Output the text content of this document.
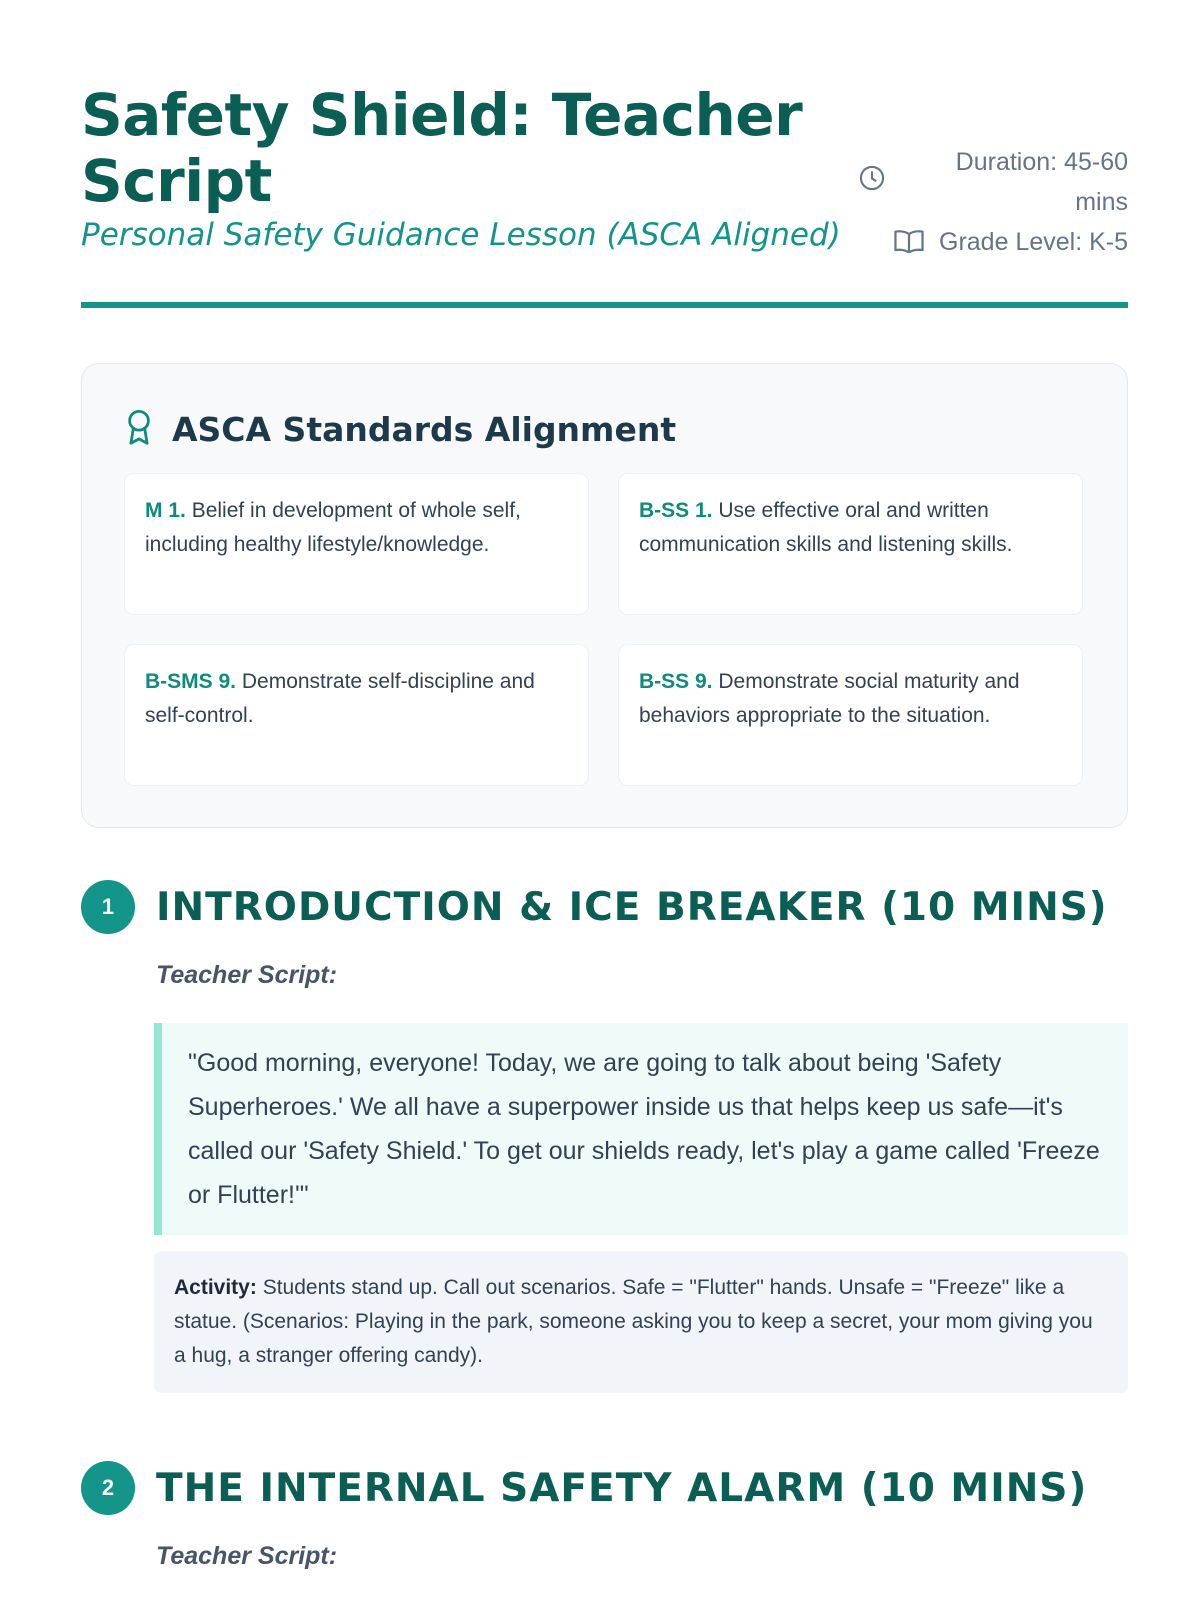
Safety Shield: Teacher Script

Personal Safety Guidance Lesson (ASCA Aligned)

Duration: 45-60 mins
Grade Level: K-5
ASCA Standards Alignment
M 1. Belief in development of whole self, including healthy lifestyle/knowledge.
B-SS 1. Use effective oral and written communication skills and listening skills.
B-SMS 9. Demonstrate self-discipline and self-control.
B-SS 9. Demonstrate social maturity and behaviors appropriate to the situation.
1	INTRODUCTION & ICE BREAKER (10 MINS)
Teacher Script:
"Good morning, everyone! Today, we are going to talk about being 'Safety Superheroes.' We all have a superpower inside us that helps keep us safe—it's called our 'Safety Shield.' To get our shields ready, let's play a game called 'Freeze or Flutter!'"
Activity: Students stand up. Call out scenarios. Safe = "Flutter" hands. Unsafe = "Freeze" like a statue. (Scenarios: Playing in the park, someone asking you to keep a secret, your mom giving you a hug, a stranger offering candy).
2	THE INTERNAL SAFETY ALARM (10 MINS)
Teacher Script:
